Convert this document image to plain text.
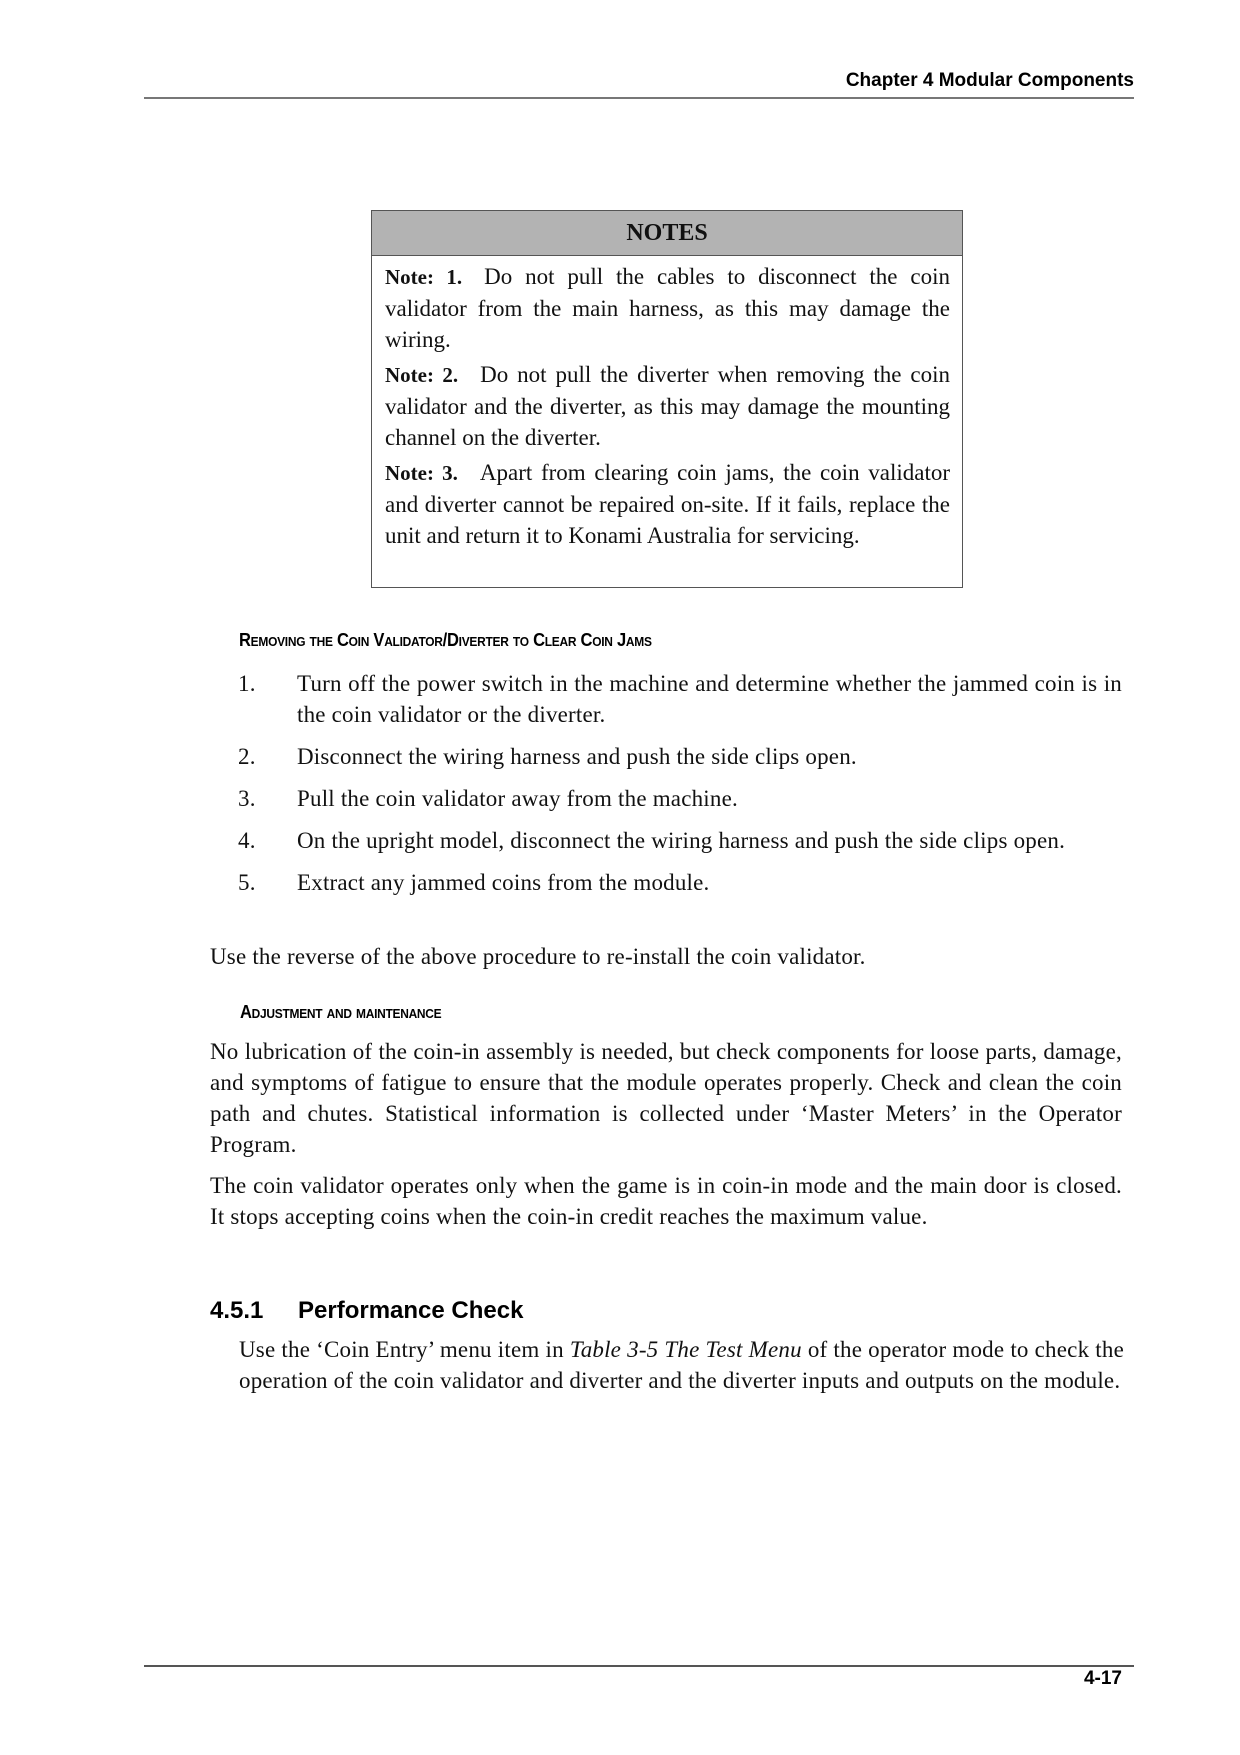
Chapter 4 Modular Components
NOTES

Note: 1. Do not pull the cables to disconnect the coin validator from the main harness, as this may damage the wiring.

Note: 2. Do not pull the diverter when removing the coin validator and the diverter, as this may damage the mounting channel on the diverter.

Note: 3. Apart from clearing coin jams, the coin validator and diverter cannot be repaired on-site. If it fails, replace the unit and return it to Konami Australia for servicing.

Removing the Coin Validator/Diverter to Clear Coin Jams
1. Turn off the power switch in the machine and determine whether the jammed coin is in the coin validator or the diverter.
2. Disconnect the wiring harness and push the side clips open.
3. Pull the coin validator away from the machine.
4. On the upright model, disconnect the wiring harness and push the side clips open.
5. Extract any jammed coins from the module.

Use the reverse of the above procedure to re-install the coin validator.

Adjustment and maintenance

No lubrication of the coin-in assembly is needed, but check components for loose parts, damage, and symptoms of fatigue to ensure that the module operates properly. Check and clean the coin path and chutes. Statistical information is collected under ‘Master Meters’ in the Operator Program.

The coin validator operates only when the game is in coin-in mode and the main door is closed. It stops accepting coins when the coin-in credit reaches the maximum value.

4.5.1 Performance Check

Use the ‘Coin Entry’ menu item in Table 3-5 The Test Menu of the operator mode to check the operation of the coin validator and diverter and the diverter inputs and outputs on the module.

4-17
